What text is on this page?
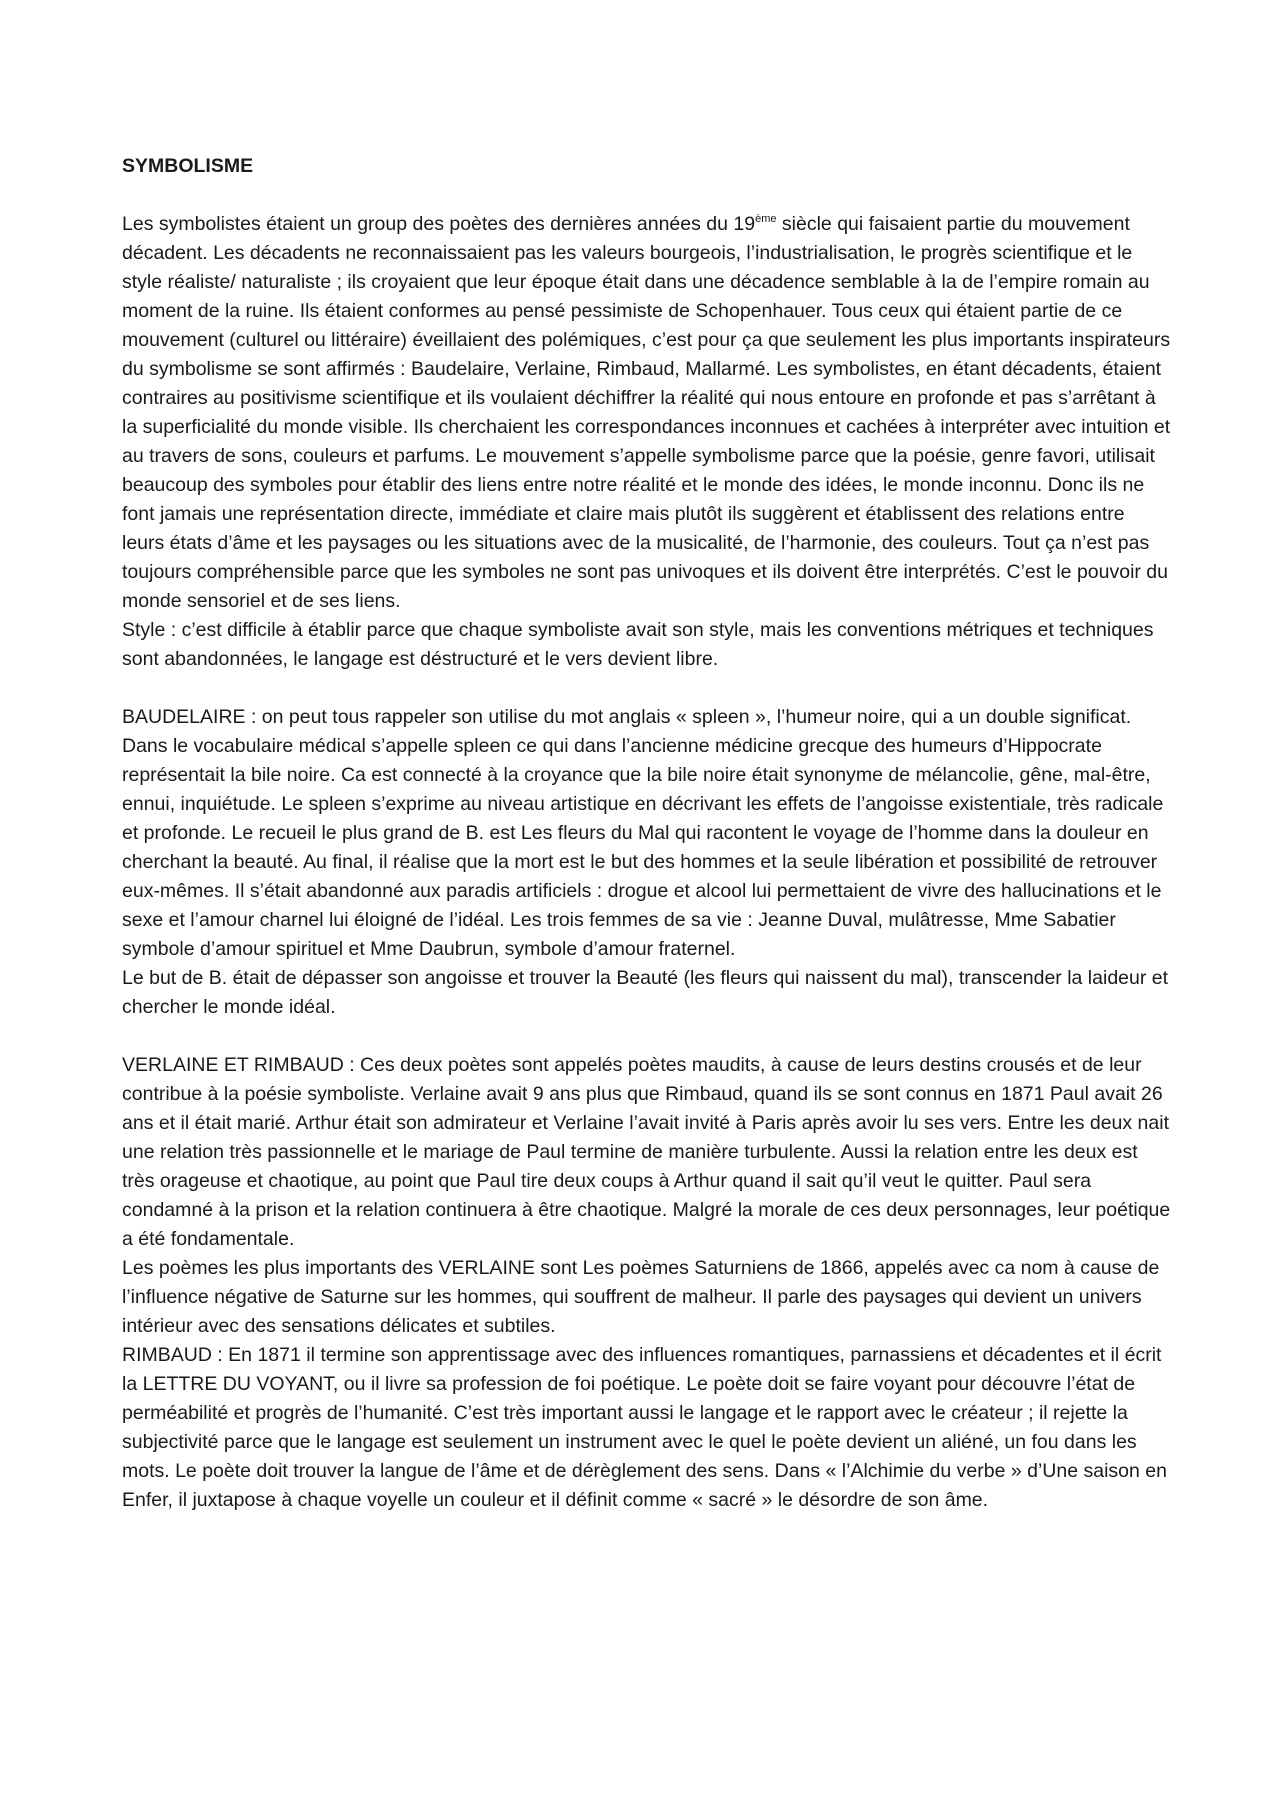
SYMBOLISME

Les symbolistes étaient un group des poètes des dernières années du 19ème siècle qui faisaient partie du mouvement décadent. Les décadents ne reconnaissaient pas les valeurs bourgeois, l’industrialisation, le progrès scientifique et le style réaliste/ naturaliste ; ils croyaient que leur époque était dans une décadence semblable à la de l’empire romain au moment de la ruine. Ils étaient conformes au pensé pessimiste de Schopenhauer. Tous ceux qui étaient partie de ce mouvement (culturel ou littéraire) éveillaient des polémiques, c’est pour ça que seulement les plus importants inspirateurs du symbolisme se sont affirmés : Baudelaire, Verlaine, Rimbaud, Mallarmé. Les symbolistes, en étant décadents, étaient contraires au positivisme scientifique et ils voulaient déchiffrer la réalité qui nous entoure en profonde et pas s’arrêtant à la superficialité du monde visible. Ils cherchaient les correspondances inconnues et cachées à interpréter avec intuition et au travers de sons, couleurs et parfums. Le mouvement s’appelle symbolisme parce que la poésie, genre favori, utilisait beaucoup des symboles pour établir des liens entre notre réalité et le monde des idées, le monde inconnu. Donc ils ne font jamais une représentation directe, immédiate et claire mais plutôt ils suggèrent et établissent des relations entre leurs états d’âme et les paysages ou les situations avec de la musicalité, de l’harmonie, des couleurs. Tout ça n’est pas toujours compréhensible parce que les symboles ne sont pas univoques et ils doivent être interprétés. C’est le pouvoir du monde sensoriel et de ses liens.

Style : c’est difficile à établir parce que chaque symboliste avait son style, mais les conventions métriques et techniques sont abandonnées, le langage est déstructuré et le vers devient libre.

BAUDELAIRE : on peut tous rappeler son utilise du mot anglais « spleen », l’humeur noire, qui a un double significat. Dans le vocabulaire médical s’appelle spleen ce qui dans l’ancienne médicine grecque des humeurs d’Hippocrate représentait la bile noire. Ca est connecté à la croyance que la bile noire était synonyme de mélancolie, gêne, mal-être, ennui, inquiétude. Le spleen s’exprime au niveau artistique en décrivant les effets de l’angoisse existentiale, très radicale et profonde. Le recueil le plus grand de B. est Les fleurs du Mal qui racontent le voyage de l’homme dans la douleur en cherchant la beauté. Au final, il réalise que la mort est le but des hommes et la seule libération et possibilité de retrouver eux-mêmes. Il s’était abandonné aux paradis artificiels : drogue et alcool lui permettaient de vivre des hallucinations et le sexe et l’amour charnel lui éloigné de l’idéal. Les trois femmes de sa vie : Jeanne Duval, mulâtresse, Mme Sabatier symbole d’amour spirituel et Mme Daubrun, symbole d’amour fraternel.

Le but de B. était de dépasser son angoisse et trouver la Beauté (les fleurs qui naissent du mal), transcender la laideur et chercher le monde idéal.

VERLAINE ET RIMBAUD : Ces deux poètes sont appelés poètes maudits, à cause de leurs destins crousés et de leur contribue à la poésie symboliste. Verlaine avait 9 ans plus que Rimbaud, quand ils se sont connus en 1871 Paul avait 26 ans et il était marié. Arthur était son admirateur et Verlaine l’avait invité à Paris après avoir lu ses vers. Entre les deux nait une relation très passionnelle et le mariage de Paul termine de manière turbulente. Aussi la relation entre les deux est très orageuse et chaotique, au point que Paul tire deux coups à Arthur quand il sait qu’il veut le quitter. Paul sera condamné à la prison et la relation continuera à être chaotique. Malgré la morale de ces deux personnages, leur poétique a été fondamentale.

Les poèmes les plus importants des VERLAINE sont Les poèmes Saturniens de 1866, appelés avec ca nom à cause de l’influence négative de Saturne sur les hommes, qui souffrent de malheur. Il parle des paysages qui devient un univers intérieur avec des sensations délicates et subtiles.

RIMBAUD : En 1871 il termine son apprentissage avec des influences romantiques, parnassiens et décadentes et il écrit la LETTRE DU VOYANT, ou il livre sa profession de foi poétique. Le poète doit se faire voyant pour découvre l’état de perméabilité et progrès de l’humanité. C’est très important aussi le langage et le rapport avec le créateur ; il rejette la subjectivité parce que le langage est seulement un instrument avec le quel le poète devient un aliéné, un fou dans les mots. Le poète doit trouver la langue de l’âme et de dérèglement des sens. Dans « l’Alchimie du verbe » d’Une saison en Enfer, il juxtapose à chaque voyelle un couleur et il définit comme « sacré » le désordre de son âme.
